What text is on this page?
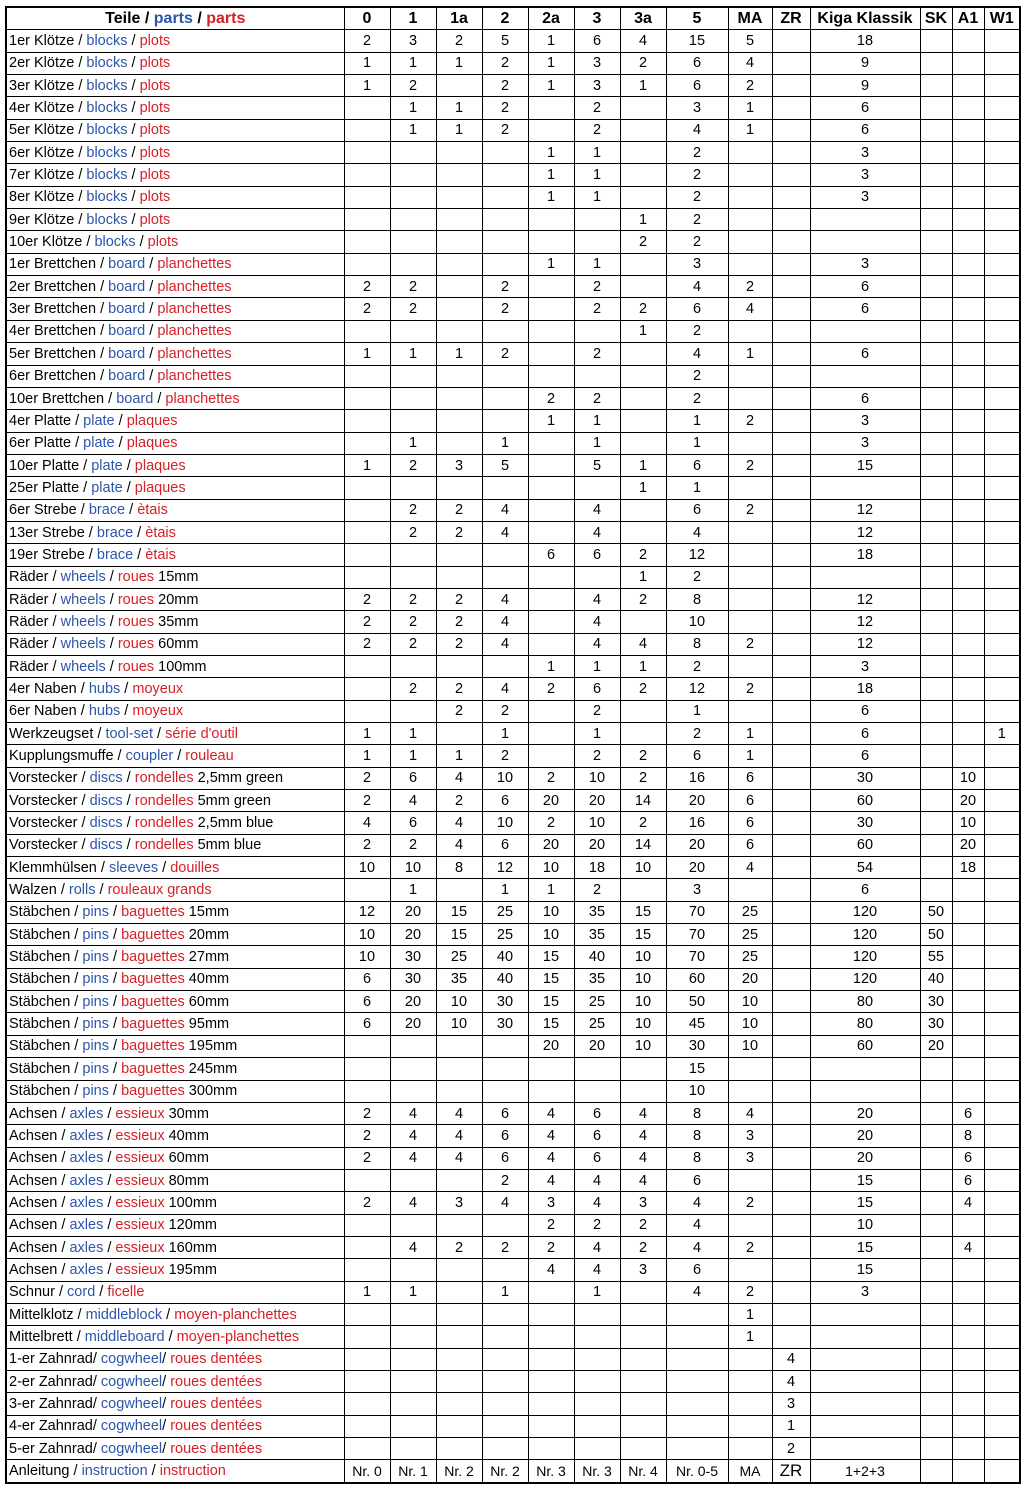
Teile / parts / parts	0	1	1a	2	2a	3	3a	5	MA	ZR	Kiga Klassik	SK	A1	W1
1er Klötze / blocks / plots	2	3	2	5	1	6	4	15	5		18			
2er Klötze / blocks / plots	1	1	1	2	1	3	2	6	4		9			
3er Klötze / blocks / plots	1	2		2	1	3	1	6	2		9			
4er Klötze / blocks / plots		1	1	2		2		3	1		6			
5er Klötze / blocks / plots		1	1	2		2		4	1		6			
6er Klötze / blocks / plots					1	1		2			3			
7er Klötze / blocks / plots					1	1		2			3			
8er Klötze / blocks / plots					1	1		2			3			
9er Klötze / blocks / plots							1	2						
10er Klötze / blocks / plots							2	2						
1er Brettchen / board / planchettes					1	1		3			3			
2er Brettchen / board / planchettes	2	2		2		2		4	2		6			
3er Brettchen / board / planchettes	2	2		2		2	2	6	4		6			
4er Brettchen / board / planchettes							1	2						
5er Brettchen / board / planchettes	1	1	1	2		2		4	1		6			
6er Brettchen / board / planchettes								2						
10er Brettchen / board / planchettes					2	2		2			6			
4er Platte / plate / plaques					1	1		1	2		3			
6er Platte / plate / plaques		1		1		1		1			3			
10er Platte / plate / plaques	1	2	3	5		5	1	6	2		15			
25er Platte / plate / plaques							1	1						
6er Strebe / brace / ètais		2	2	4		4		6	2		12			
13er Strebe / brace / ètais		2	2	4		4		4			12			
19er Strebe / brace / ètais					6	6	2	12			18			
Räder / wheels / roues 15mm							1	2						
Räder / wheels / roues 20mm	2	2	2	4		4	2	8			12			
Räder / wheels / roues 35mm	2	2	2	4		4		10			12			
Räder / wheels / roues 60mm	2	2	2	4		4	4	8	2		12			
Räder / wheels / roues 100mm					1	1	1	2			3			
4er Naben / hubs / moyeux		2	2	4	2	6	2	12	2		18			
6er Naben / hubs / moyeux			2	2		2		1			6			
Werkzeugset / tool-set / série d'outil	1	1		1		1		2	1		6			1
Kupplungsmuffe / coupler / rouleau	1	1	1	2		2	2	6	1		6			
Vorstecker / discs / rondelles 2,5mm green	2	6	4	10	2	10	2	16	6		30		10	
Vorstecker / discs / rondelles 5mm green	2	4	2	6	20	20	14	20	6		60		20	
Vorstecker / discs / rondelles 2,5mm blue	4	6	4	10	2	10	2	16	6		30		10	
Vorstecker / discs / rondelles 5mm blue	2	2	4	6	20	20	14	20	6		60		20	
Klemmhülsen / sleeves / douilles	10	10	8	12	10	18	10	20	4		54		18	
Walzen / rolls / rouleaux grands		1		1	1	2		3			6			
Stäbchen / pins / baguettes 15mm	12	20	15	25	10	35	15	70	25		120	50		
Stäbchen / pins / baguettes 20mm	10	20	15	25	10	35	15	70	25		120	50		
Stäbchen / pins / baguettes 27mm	10	30	25	40	15	40	10	70	25		120	55		
Stäbchen / pins / baguettes 40mm	6	30	35	40	15	35	10	60	20		120	40		
Stäbchen / pins / baguettes 60mm	6	20	10	30	15	25	10	50	10		80	30		
Stäbchen / pins / baguettes 95mm	6	20	10	30	15	25	10	45	10		80	30		
Stäbchen / pins / baguettes 195mm					20	20	10	30	10		60	20		
Stäbchen / pins / baguettes 245mm								15						
Stäbchen / pins / baguettes 300mm								10						
Achsen / axles / essieux 30mm	2	4	4	6	4	6	4	8	4		20		6	
Achsen / axles / essieux 40mm	2	4	4	6	4	6	4	8	3		20		8	
Achsen / axles / essieux 60mm	2	4	4	6	4	6	4	8	3		20		6	
Achsen / axles / essieux 80mm				2	4	4	4	6			15		6	
Achsen / axles / essieux 100mm	2	4	3	4	3	4	3	4	2		15		4	
Achsen / axles / essieux 120mm					2	2	2	4			10			
Achsen / axles / essieux 160mm		4	2	2	2	4	2	4	2		15		4	
Achsen / axles / essieux 195mm					4	4	3	6			15			
Schnur / cord / ficelle	1	1		1		1		4	2		3			
Mittelklotz / middleblock / moyen-planchettes									1					
Mittelbrett / middleboard / moyen-planchettes									1					
1-er Zahnrad/ cogwheel/ roues dentées										4				
2-er Zahnrad/ cogwheel/ roues dentées										4				
3-er Zahnrad/ cogwheel/ roues dentées										3				
4-er Zahnrad/ cogwheel/ roues dentées										1				
5-er Zahnrad/ cogwheel/ roues dentées										2				
Anleitung / instruction / instruction	Nr. 0	Nr. 1	Nr. 2	Nr. 2	Nr. 3	Nr. 3	Nr. 4	Nr. 0-5	MA	ZR	1+2+3			
